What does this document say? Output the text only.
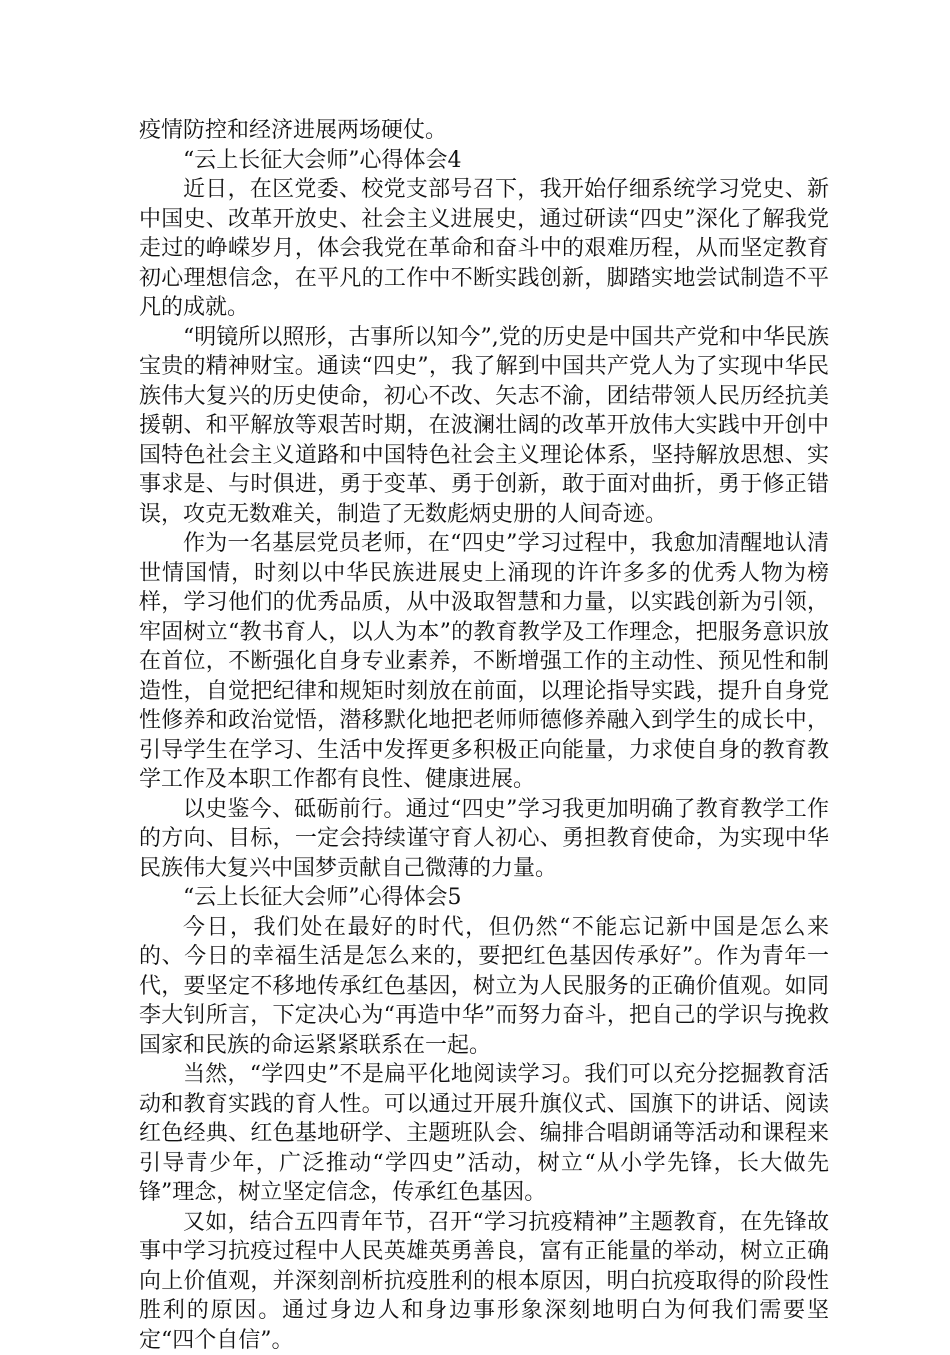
疫情防控和经济进展两场硬仗。

“云上长征大会师”心得体会4

近日，在区党委、校党支部号召下，我开始仔细系统学习党史、新中国史、改革开放史、社会主义进展史，通过研读“四史”深化了解我党走过的峥嵘岁月，体会我党在革命和奋斗中的艰难历程，从而坚定教育初心理想信念，在平凡的工作中不断实践创新，脚踏实地尝试制造不平凡的成就。

“明镜所以照形，古事所以知今”,党的历史是中国共产党和中华民族宝贵的精神财宝。通读“四史”，我了解到中国共产党人为了实现中华民族伟大复兴的历史使命，初心不改、矢志不渝，团结带领人民历经抗美援朝、和平解放等艰苦时期，在波澜壮阔的改革开放伟大实践中开创中国特色社会主义道路和中国特色社会主义理论体系，坚持解放思想、实事求是、与时俱进，勇于变革、勇于创新，敢于面对曲折，勇于修正错误，攻克无数难关，制造了无数彪炳史册的人间奇迹。

作为一名基层党员老师，在“四史”学习过程中，我愈加清醒地认清世情国情，时刻以中华民族进展史上涌现的许许多多的优秀人物为榜样，学习他们的优秀品质，从中汲取智慧和力量，以实践创新为引领，牢固树立“教书育人，以人为本”的教育教学及工作理念，把服务意识放在首位，不断强化自身专业素养，不断增强工作的主动性、预见性和制造性，自觉把纪律和规矩时刻放在前面，以理论指导实践，提升自身党性修养和政治觉悟，潜移默化地把老师师德修养融入到学生的成长中，引导学生在学习、生活中发挥更多积极正向能量，力求使自身的教育教学工作及本职工作都有良性、健康进展。

以史鉴今、砥砺前行。通过“四史”学习我更加明确了教育教学工作的方向、目标，一定会持续谨守育人初心、勇担教育使命，为实现中华民族伟大复兴中国梦贡献自己微薄的力量。

“云上长征大会师”心得体会5

今日，我们处在最好的时代，但仍然“不能忘记新中国是怎么来的、今日的幸福生活是怎么来的，要把红色基因传承好”。作为青年一代，要坚定不移地传承红色基因，树立为人民服务的正确价值观。如同李大钊所言，下定决心为“再造中华”而努力奋斗，把自己的学识与挽救国家和民族的命运紧紧联系在一起。

当然，“学四史”不是扁平化地阅读学习。我们可以充分挖掘教育活动和教育实践的育人性。可以通过开展升旗仪式、国旗下的讲话、阅读红色经典、红色基地研学、主题班队会、编排合唱朗诵等活动和课程来引导青少年，广泛推动“学四史”活动，树立“从小学先锋，长大做先锋”理念，树立坚定信念，传承红色基因。

又如，结合五四青年节，召开“学习抗疫精神”主题教育，在先锋故事中学习抗疫过程中人民英雄英勇善良，富有正能量的举动，树立正确向上价值观，并深刻剖析抗疫胜利的根本原因，明白抗疫取得的阶段性胜利的原因。通过身边人和身边事形象深刻地明白为何我们需要坚定“四个自信”。
